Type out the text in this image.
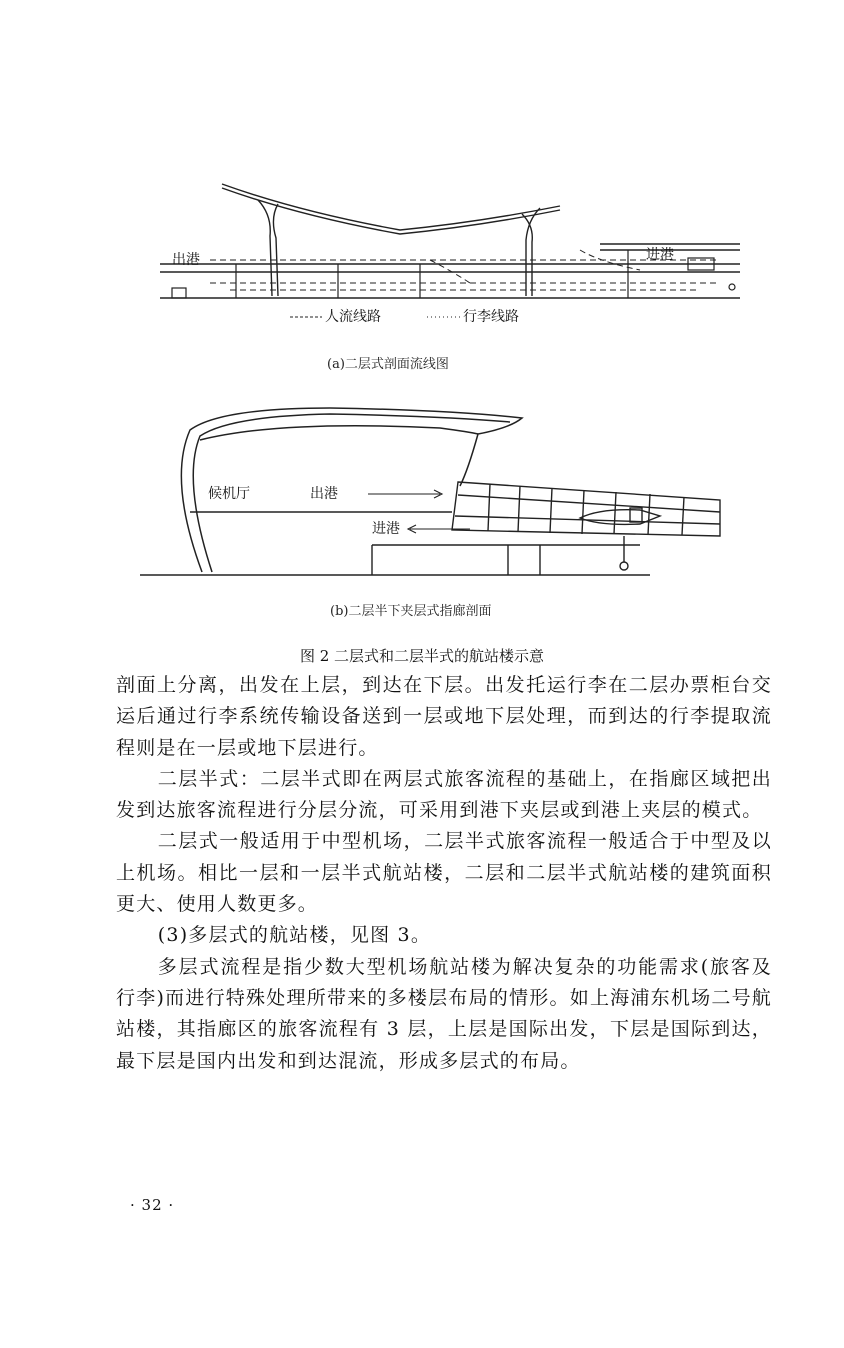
出港	进港
人流线路	行李线路
(a)二层式剖面流线图
候机厅	出港
进港
(b)二层半下夹层式指廊剖面
图 2 二层式和二层半式的航站楼示意

剖面上分离，出发在上层，到达在下层。出发托运行李在二层办票柜台交运后通过行李系统传输设备送到一层或地下层处理，而到达的行李提取流程则是在一层或地下层进行。

二层半式：二层半式即在两层式旅客流程的基础上，在指廊区域把出发到达旅客流程进行分层分流，可采用到港下夹层或到港上夹层的模式。

二层式一般适用于中型机场，二层半式旅客流程一般适合于中型及以上机场。相比一层和一层半式航站楼，二层和二层半式航站楼的建筑面积更大、使用人数更多。

(3)多层式的航站楼，见图 3。

多层式流程是指少数大型机场航站楼为解决复杂的功能需求(旅客及行李)而进行特殊处理所带来的多楼层布局的情形。如上海浦东机场二号航站楼，其指廊区的旅客流程有 3 层，上层是国际出发，下层是国际到达，最下层是国内出发和到达混流，形成多层式的布局。

· 32 ·
